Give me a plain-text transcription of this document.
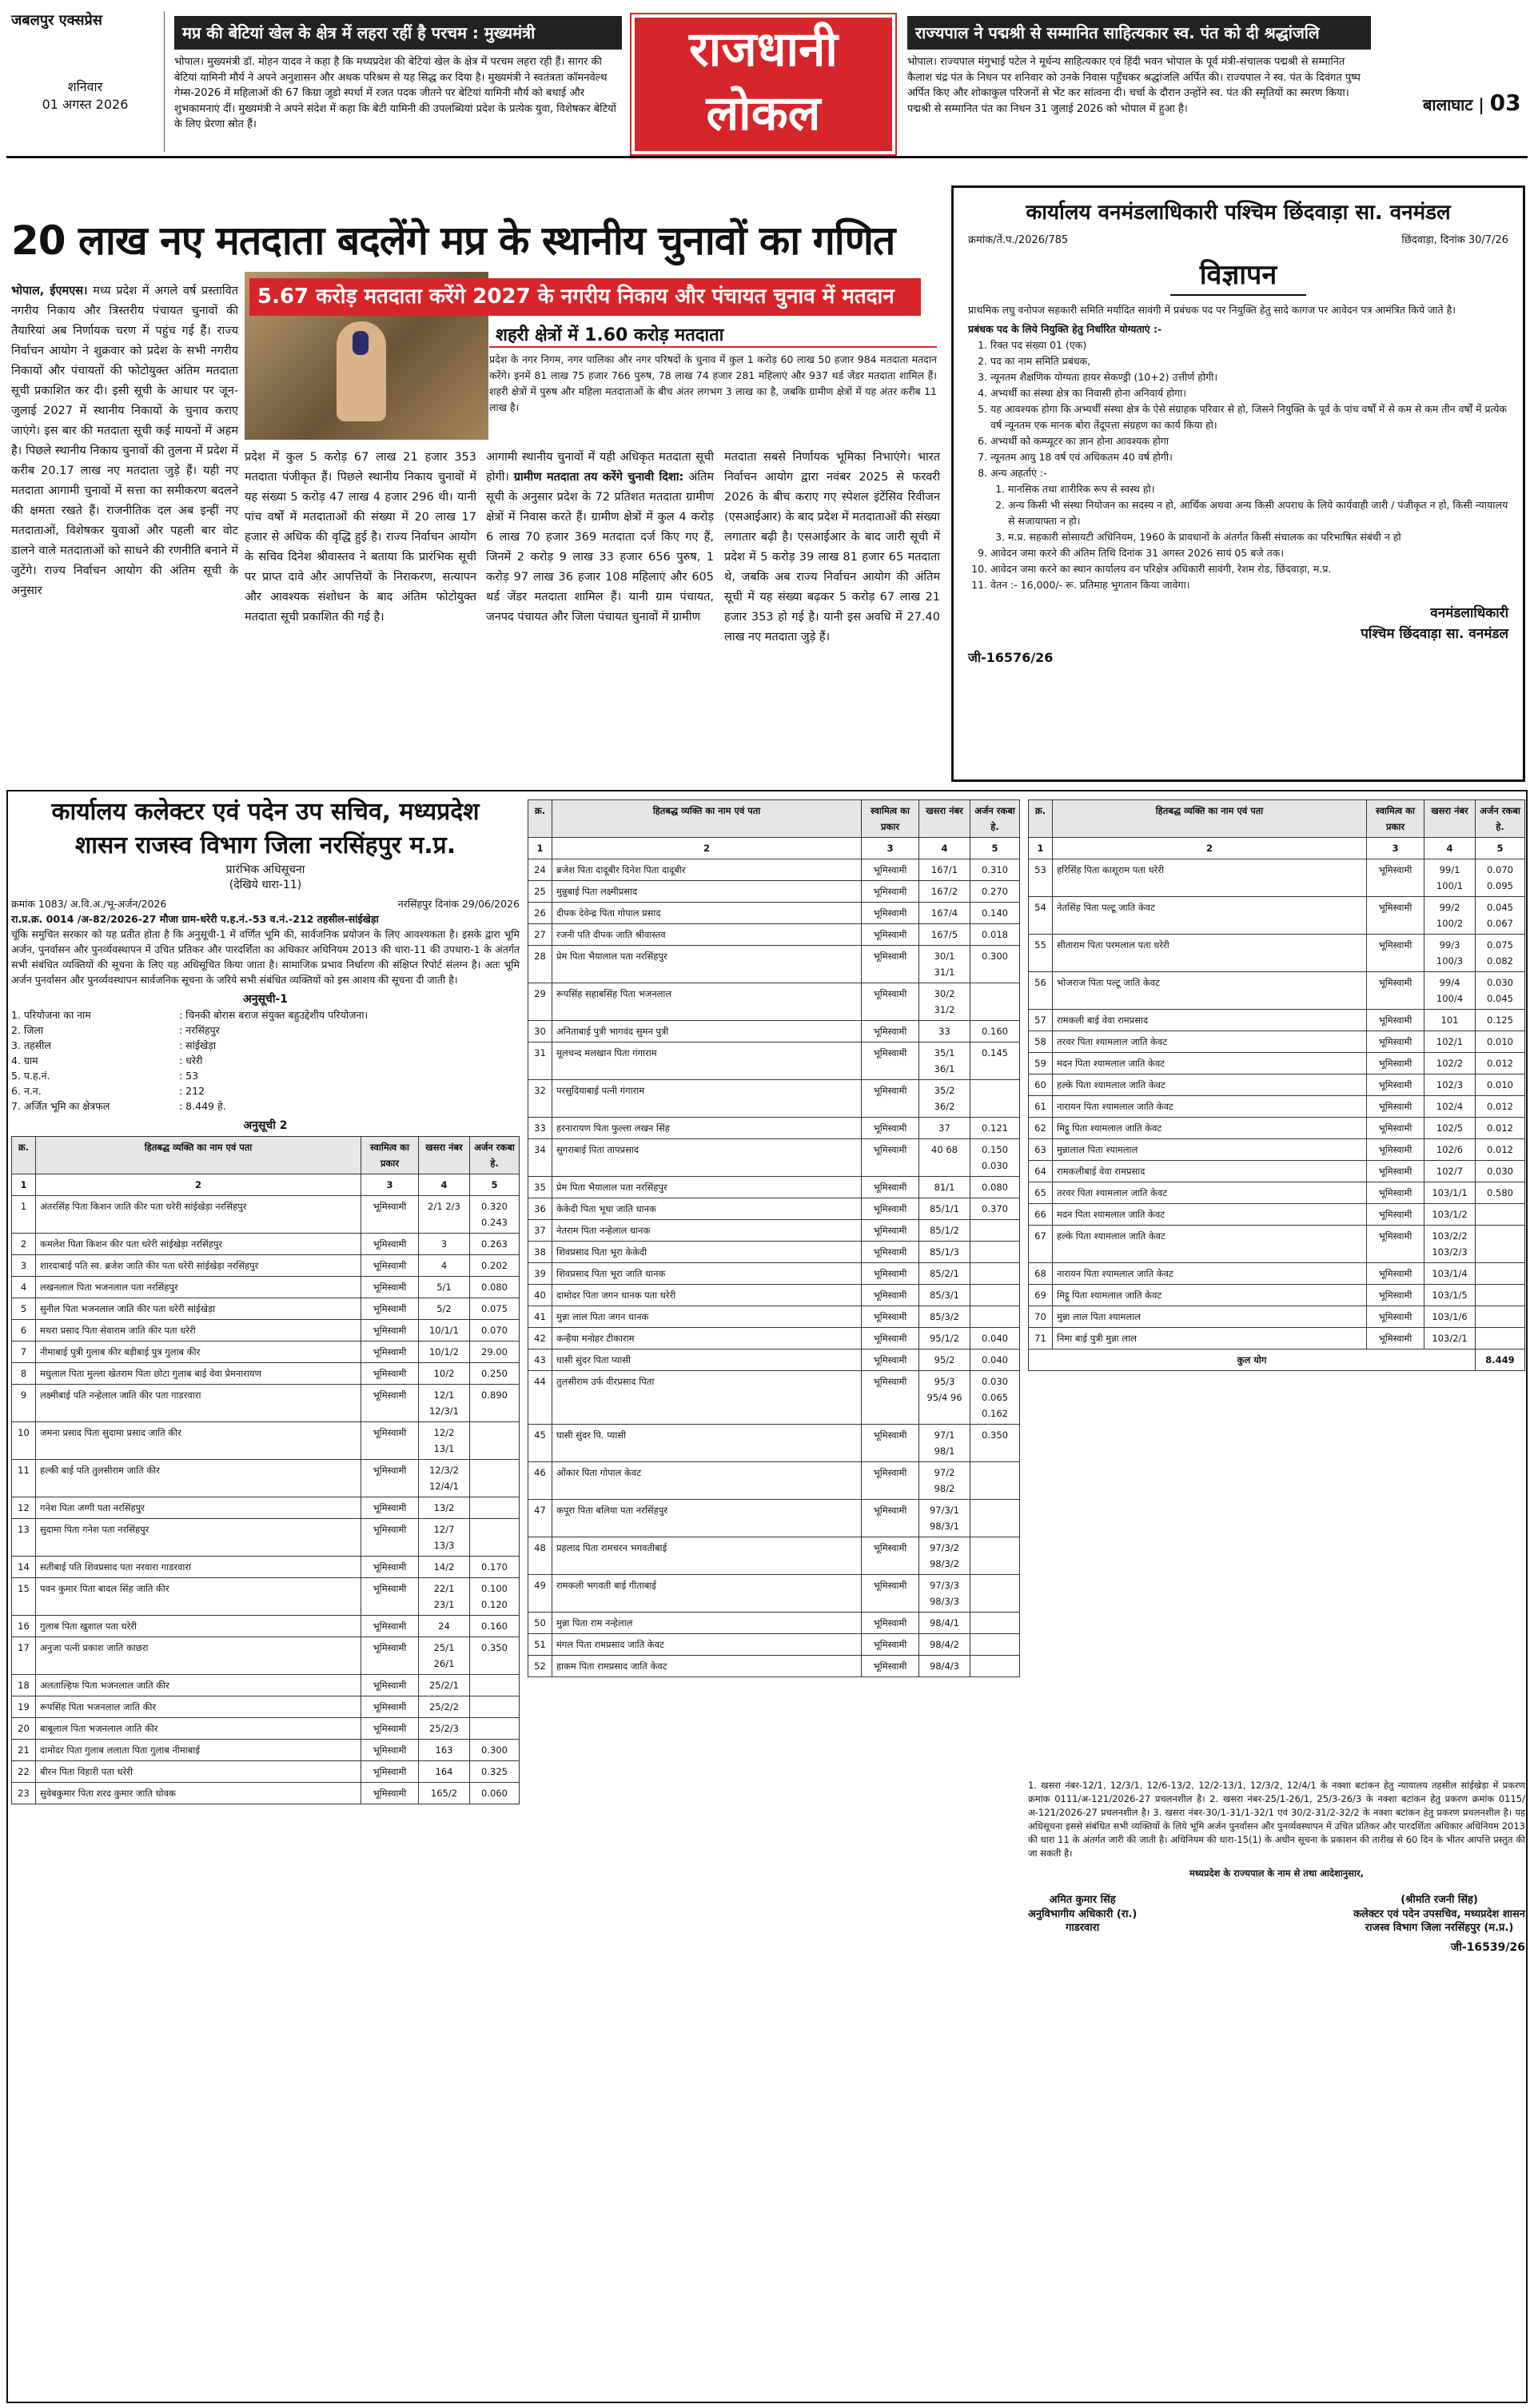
जबलपुर एक्सप्रेस
शनिवार
01 अगस्त 2026
मप्र की बेटियां खेल के क्षेत्र में लहरा रहीं है परचम : मुख्यमंत्री
भोपाल। मुख्यमंत्री डॉ. मोहन यादव ने कहा है कि मध्यप्रदेश की बेटियां खेल के क्षेत्र में परचम लहरा रही हैं। सागर की बेटियां यामिनी मौर्य ने अपने अनुशासन और अथक परिश्रम से यह सिद्ध कर दिया है। मुख्यमंत्री ने स्‍वतंत्रता कॉमनवेल्थ गेम्स-2026 में महिलाओं की 67 किग्रा जूडो स्पर्धा में रजत पदक जीतने पर बेटियां यामिनी मौर्य को बधाई और शुभकामनाएं दीं। मुख्यमंत्री ने अपने संदेश में कहा कि बेटी यामिनी की उपलब्धियां प्रदेश के प्रत्येक युवा, विशेषकर बेटियों के लिए प्रेरणा स्रोत हैं।
राजधानी
लोकल
राज्यपाल ने पद्मश्री से सम्मानित साहित्यकार स्व. पंत को दी श्रद्धांजलि
भोपाल। राज्यपाल मंगुभाई पटेल ने मूर्धन्य साहित्यकार एवं हिंदी भवन भोपाल के पूर्व मंत्री-संचालक पद्मश्री से सम्मानित कैलाश चंद्र पंत के निधन पर शनिवार को उनके निवास पहुँचकर श्रद्धांजलि अर्पित की। राज्यपाल ने स्व. पंत के दिवंगत पुष्प अर्पित किए और शोकाकुल परिजनों से भेंट कर सांत्वना दी। चर्चा के दौरान उन्होंने स्व. पंत की स्मृतियों का स्मरण किया। पद्मश्री से सम्मानित पंत का निधन 31 जुलाई 2026 को भोपाल में हुआ है।	बालाघाट | 03
20 लाख नए मतदाता बदलेंगे मप्र के स्थानीय चुनावों का गणित
5.67 करोड़ मतदाता करेंगे 2027 के नगरीय निकाय और पंचायत चुनाव में मतदान
शहरी क्षेत्रों में 1.60 करोड़ मतदाता
प्रदेश के नगर निगम, नगर पालिका और नगर परिषदों के चुनाव में कुल 1 करोड़ 60 लाख 50 हजार 984 मतदाता मतदान करेंगे। इनमें 81 लाख 75 हजार 766 पुरुष, 78 लाख 74 हजार 281 महिलाएं और 937 थर्ड जेंडर मतदाता शामिल हैं। शहरी क्षेत्रों में पुरुष और महिला मतदाताओं के बीच अंतर लगभग 3 लाख का है, जबकि ग्रामीण क्षेत्रों में यह अंतर करीब 11 लाख है।
भोपाल, ईएमएस। मध्य प्रदेश में अगले वर्ष प्रस्तावित नगरीय निकाय और त्रिस्तरीय पंचायत चुनावों की तैयारियां अब निर्णायक चरण में पहुंच गई हैं। राज्य निर्वाचन आयोग ने शुक्रवार को प्रदेश के सभी नगरीय निकायों और पंचायतों की फोटोयुक्त अंतिम मतदाता सूची प्रकाशित कर दी। इसी सूची के आधार पर जून-जुलाई 2027 में स्थानीय निकायों के चुनाव कराए जाएंगे। इस बार की मतदाता सूची कई मायनों में अहम है। पिछले स्थानीय निकाय चुनावों की तुलना में प्रदेश में करीब 20.17 लाख नए मतदाता जुड़े हैं। यही नए मतदाता आगामी चुनावों में सत्ता का समीकरण बदलने की क्षमता रखते हैं। राजनीतिक दल अब इन्हीं नए मतदाताओं, विशेषकर युवाओं और पहली बार वोट डालने वाले मतदाताओं को साधने की रणनीति बनाने में जुटेंगे। राज्य निर्वाचन आयोग की अंतिम सूची के अनुसार
प्रदेश में कुल 5 करोड़ 67 लाख 21 हजार 353 मतदाता पंजीकृत हैं। पिछले स्थानीय निकाय चुनावों में यह संख्या 5 करोड़ 47 लाख 4 हजार 296 थी। यानी पांच वर्षों में मतदाताओं की संख्या में 20 लाख 17 हजार से अधिक की वृद्धि हुई है। राज्य निर्वाचन आयोग के सचिव दिनेश श्रीवास्तव ने बताया कि प्रारंभिक सूची पर प्राप्त दावे और आपत्तियों के निराकरण, सत्यापन और आवश्यक संशोधन के बाद अंतिम फोटोयुक्त मतदाता सूची प्रकाशित की गई है।
आगामी स्थानीय चुनावों में यही अधिकृत मतदाता सूची होगी। ग्रामीण मतदाता तय करेंगे चुनावी दिशा: अंतिम सूची के अनुसार प्रदेश के 72 प्रतिशत मतदाता ग्रामीण क्षेत्रों में निवास करते हैं। ग्रामीण क्षेत्रों में कुल 4 करोड़ 6 लाख 70 हजार 369 मतदाता दर्ज किए गए हैं, जिनमें 2 करोड़ 9 लाख 33 हजार 656 पुरुष, 1 करोड़ 97 लाख 36 हजार 108 महिलाएं और 605 थर्ड जेंडर मतदाता शामिल हैं। यानी ग्राम पंचायत, जनपद पंचायत और जिला पंचायत चुनावों में ग्रामीण
मतदाता सबसे निर्णायक भूमिका निभाएंगे। भारत निर्वाचन आयोग द्वारा नवंबर 2025 से फरवरी 2026 के बीच कराए गए स्पेशल इंटेंसिव रिवीजन (एसआईआर) के बाद प्रदेश में मतदाताओं की संख्या लगातार बढ़ी है। एसआईआर के बाद जारी सूची में प्रदेश में 5 करोड़ 39 लाख 81 हजार 65 मतदाता थे, जबकि अब राज्य निर्वाचन आयोग की अंतिम सूची में यह संख्या बढ़कर 5 करोड़ 67 लाख 21 हजार 353 हो गई है। यानी इस अवधि में 27.40 लाख नए मतदाता जुड़े हैं।
कार्यालय वनमंडलाधिकारी पश्चिम छिंदवाड़ा सा. वनमंडल
क्रमांक/तें.प./2026/785	छिंदवाड़ा, दिनांक 30/7/26
विज्ञापन

प्राथमिक लघु वनोपज सहकारी समिति मर्यादित सावंगी में प्रबंधक पद पर नियुक्ति हेतु सादे कागज पर आवेदन पत्र आमंत्रित किये जाते है।

प्रबंधक पद के लिये नियुक्ति हेतु निर्धारित योग्यताएं :-

1. रिक्त पद संख्या 01 (एक)
2. पद का नाम समिति प्रबंधक,
3. न्यूनतम शैक्षणिक योग्यता हायर सेकण्ड्री (10+2) उत्तीर्ण होगी।
4. अभ्यर्थी का संस्था क्षेत्र का निवासी होना अनिवार्य होगा।
5. यह आवश्यक होगा कि अभ्यर्थी संस्था क्षेत्र के ऐसे संग्राहक परिवार से हो, जिसने नियुक्ति के पूर्व के पांच वर्षों में से कम से कम तीन वर्षों में प्रत्येक वर्ष न्यूनतम एक मानक बोरा तेंदूपत्ता संग्रहण का कार्य किया हो।
6. अभ्यर्थी को कम्प्यूटर का ज्ञान होना आवश्यक होगा
7. न्यूनतम आयु 18 वर्ष एवं अधिकतम 40 वर्ष होगी।
8. अन्य अहर्ताएं :-
1. मानसिक तथा शारीरिक रूप से स्वस्थ हो।
2. अन्य किसी भी संस्था नियोजन का सदस्य न हो, आर्थिक अथवा अन्य किसी अपराध के लिये कार्यवाही जारी / पंजीकृत न हो, किसी न्यायालय से सजायाफ्ता न हो।
3. म.प्र. सहकारी सोसायटी अधिनियम, 1960 के प्रावधानों के अंतर्गत किसी संचालक का परिभाषित संबंधी न हो
9. आवेदन जमा करने की अंतिम तिथि दिनांक 31 अगस्त 2026 सायं 05 बजे तक।
10. आवेदन जमा करने का स्थान कार्यालय वन परिक्षेत्र अधिकारी सावंगी, रेशम रोड, छिंदवाड़ा, म.प्र.
11. वेतन :- 16,000/- रू. प्रतिमाह भुगतान किया जावेगा।
वनमंडलाधिकारी
पश्चिम छिंदवाड़ा सा. वनमंडल
जी-16576/26
कार्यालय कलेक्टर एवं पदेन उप सचिव, मध्यप्रदेश
शासन राजस्व विभाग जिला नरसिंहपुर म.प्र.
प्रारंभिक अधिसूचना
(देखिये धारा-11)
क्रमांक 1083/ अ.वि.अ./भू-अर्जन/2026	नरसिंहपुर दिनांक 29/06/2026

रा.प्र.क्र. 0014 /अ-82/2026-27 मौजा ग्राम-धरेरी प.ह.नं.-53 व.नं.-212 तहसील-सांईखेड़ा

चूंकि समुचित सरकार को यह प्रतीत होता है कि अनुसूची-1 में वर्णित भूमि की, सार्वजनिक प्रयोजन के लिए आवश्यकता है। इसके द्वारा भूमि अर्जन, पुनर्वासन और पुनर्व्यवस्थापन में उचित प्रतिकर और पारदर्शिता का अधिकार अधिनियम 2013 की धारा-11 की उपधारा-1 के अंतर्गत सभी संबंधित व्यक्तियों की सूचना के लिए यह अधिसूचित किया जाता है। सामाजिक प्रभाव निर्धारण की संक्षिप्त रिपोर्ट संलग्न है। अतः भूमि अर्जन पुनर्वासन और पुनर्व्यवस्थापन सार्वजनिक सूचना के जरिये सभी संबंधित व्यक्तियों को इस आशय की सूचना दी जाती है।

अनुसूची-1
1. परियोजना का नाम	: चिनकी बोरास बराज संयुक्त बहुउद्देशीय परियोजना।
2. जिला	: नरसिंहपुर
3. तहसील	: सांईखेड़ा
4. ग्राम	: धरेरी
5. प.ह.नं.	: 53
6. न.न.	: 212
7. अर्जित भूमि का क्षेत्रफल	: 8.449 हे.
अनुसूची 2
क्र.	हितबद्ध व्यक्ति का नाम एवं पता	स्वामित्व का प्रकार	खसरा नंबर	अर्जन रकबा हे.
1	2	3	4	5
1	अंतरसिंह पिता किशन जाति कीर पता धरेरी सांईखेड़ा नरसिंहपुर	भूमिस्वामी	2/1 2/3	0.320 0.243
2	कमलेश पिता किशन कीर पता धरेरी सांईखेड़ा नरसिंहपुर	भूमिस्वामी	3	0.263
3	शारदाबाई पति स्व. ब्रजेश जाति कीर पता धरेरी सांईखेड़ा नरसिंहपुर	भूमिस्वामी	4	0.202
4	लखनलाल पिता भजनलाल पता नरसिंहपुर	भूमिस्वामी	5/1	0.080
5	सुनील पिता भजनलाल जाति कीर पता धरेरी सांईखेड़ा	भूमिस्वामी	5/2	0.075
6	मथरा प्रसाद पिता सेवाराम जाति कीर पता धरेरी	भूमिस्वामी	10/1/1	0.070
7	नीमाबाई पुत्री गुलाब कीर बड़ीबाई पुत्र गुलाब कीर	भूमिस्वामी	10/1/2	29.00
8	मधुलाल पिता मुल्ला खेतराम पिता छोटा गुलाब बाई वेवा प्रेमनारायण	भूमिस्वामी	10/2	0.250
9	लक्ष्मीबाई पति नन्हेलाल जाति कीर पता गाडरवारा	भूमिस्वामी	12/1 12/3/1	0.890
10	जमना प्रसाद पिता सुदामा प्रसाद जाति कीर	भूमिस्वामी	12/2 13/1	
11	हल्की बाई पति तुलसीराम जाति कीर	भूमिस्वामी	12/3/2 12/4/1	
12	गनेश पिता जग्गी पता नरसिंहपुर	भूमिस्वामी	13/2	
13	सुदामा पिता गनेश पता नरसिंहपुर	भूमिस्वामी	12/7 13/3	
14	सतीबाई पति शिवप्रसाद पता नरवारा गाडरवारा	भूमिस्वामी	14/2	0.170
15	पवन कुमार पिता बादल सिंह जाति कीर	भूमिस्वामी	22/1 23/1	0.100 0.120
16	गुलाब पिता खुशाल पता धरेरी	भूमिस्वामी	24	0.160
17	अनुजा पत्नी प्रकाश जाति काछरा	भूमिस्वामी	25/1 26/1	0.350
18	अलताल्हिफ पिता भजनलाल जाति कीर	भूमिस्वामी	25/2/1	
19	रूपसिंह पिता भजनलाल जाति कीर	भूमिस्वामी	25/2/2	
20	बाबूलाल पिता भजनलाल जाति कीर	भूमिस्वामी	25/2/3	
21	दामोदर पिता गुलाब ललाता पिता गुलाब नीमाबाई	भूमिस्वामी	163	0.300
22	बीरन पिता विहारी पता धरेरी	भूमिस्वामी	164	0.325
23	सुवेबकुमार पिता शरद कुमार जाति धोवक	भूमिस्वामी	165/2	0.060
क्र.	हितबद्ध व्यक्ति का नाम एवं पता	स्वामित्व का प्रकार	खसरा नंबर	अर्जन रकबा हे.
1	2	3	4	5
24	ब्रजेश पिता दादूबीर दिनेश पिता दादूबीर	भूमिस्वामी	167/1	0.310
25	मुन्नुबाई पिता लक्ष्मीप्रसाद	भूमिस्वामी	167/2	0.270
26	दीपक देवेन्द्र पिता गोपाल प्रसाद	भूमिस्वामी	167/4	0.140
27	रजनी पति दीपक जाति श्रीवास्तव	भूमिस्वामी	167/5	0.018
28	प्रेम पिता भैयालाल पता नरसिंहपुर	भूमिस्वामी	30/1 31/1	0.300
29	रूपसिंह सहाबसिंह पिता भजनलाल	भूमिस्वामी	30/2 31/2	
30	अनिताबाई पुत्री भागवंद सुमन पुत्री	भूमिस्वामी	33	0.160
31	मूलचन्द मलखान पिता गंगाराम	भूमिस्वामी	35/1 36/1	0.145
32	परसुदियाबाई पत्नी गंगाराम	भूमिस्वामी	35/2 36/2	
33	हरनारायण पिता फुल्ला लखन सिंह	भूमिस्वामी	37	0.121
34	सुगराबाई पिता तापप्रसाद	भूमिस्वामी	40 68	0.150 0.030
35	प्रेम पिता भैयालाल पता नरसिंहपुर	भूमिस्वामी	81/1	0.080
36	केकेदी पिता भूधा जाति धानक	भूमिस्वामी	85/1/1	0.370
37	नेतराम पिता नन्हेलाल धानक	भूमिस्वामी	85/1/2	
38	शिवप्रसाद पिता भूरा केकेदी	भूमिस्वामी	85/1/3	
39	शिवप्रसाद पिता भूरा जाति धानक	भूमिस्वामी	85/2/1	
40	दामोदर पिता जगन धानक पता धरेरी	भूमिस्वामी	85/3/1	
41	मुन्ना लाल पिता जगन धानक	भूमिस्वामी	85/3/2	
42	कन्हैया मनोहर टीकाराम	भूमिस्वामी	95/1/2	0.040
43	घासी सुंदर पिता प्यासी	भूमिस्वामी	95/2	0.040
44	तुलसीराम उर्फ वीरप्रसाद पिता	भूमिस्वामी	95/3 95/4 96	0.030 0.065 0.162
45	घासी सुंदर पि. प्यासी	भूमिस्वामी	97/1 98/1	0.350
46	ओंकार पिता गोपाल केवट	भूमिस्वामी	97/2 98/2	
47	कपूरा पिता बलिया पता नरसिंहपुर	भूमिस्वामी	97/3/1 98/3/1	
48	प्रहलाद पिता रामचरन भगवतीबाई	भूमिस्वामी	97/3/2 98/3/2	
49	रामकली भगवती बाई गीताबाई	भूमिस्वामी	97/3/3 98/3/3	
50	मुन्ना पिता राम नन्हेलाल	भूमिस्वामी	98/4/1	
51	मंगल पिता रामप्रसाद जाति केवट	भूमिस्वामी	98/4/2	
52	हाकम पिता रामप्रसाद जाति केवट	भूमिस्वामी	98/4/3	
क्र.	हितबद्ध व्यक्ति का नाम एवं पता	स्वामित्व का प्रकार	खसरा नंबर	अर्जन रकबा हे.
1	2	3	4	5
53	हरिसिंह पिता काशूराम पता धरेरी	भूमिस्वामी	99/1 100/1	0.070 0.095
54	नेतसिंह पिता पल्टू जाति केवट	भूमिस्वामी	99/2 100/2	0.045 0.067
55	सीताराम पिता परमलाल पता धरेरी	भूमिस्वामी	99/3 100/3	0.075 0.082
56	भोजराज पिता पल्टू जाति केवट	भूमिस्वामी	99/4 100/4	0.030 0.045
57	रामकली बाई वेवा रामप्रसाद	भूमिस्वामी	101	0.125
58	तरवर पिता श्यामलाल जाति केवट	भूमिस्वामी	102/1	0.010
59	मदन पिता श्यामलाल जाति केवट	भूमिस्वामी	102/2	0.012
60	हल्के पिता श्यामलाल जाति केवट	भूमिस्वामी	102/3	0.010
61	नारायन पिता श्यामलाल जाति केवट	भूमिस्वामी	102/4	0.012
62	मिट्ठू पिता श्यामलाल जाति केवट	भूमिस्वामी	102/5	0.012
63	मुन्नालाल पिता श्यामलाल	भूमिस्वामी	102/6	0.012
64	रामकलीबाई वेवा रामप्रसाद	भूमिस्वामी	102/7	0.030
65	तरवर पिता श्यामलाल जाति केवट	भूमिस्वामी	103/1/1	0.580
66	मदन पिता श्यामलाल जाति केवट	भूमिस्वामी	103/1/2	
67	हल्के पिता श्यामलाल जाति केवट	भूमिस्वामी	103/2/2 103/2/3	
68	नारायन पिता श्यामलाल जाति केवट	भूमिस्वामी	103/1/4	
69	मिट्ठू पिता श्यामलाल जाति केवट	भूमिस्वामी	103/1/5	
70	मुन्ना लाल पिता श्यामलाल	भूमिस्वामी	103/1/6	
71	निमा बाई पुत्री मुन्ना लाल	भूमिस्वामी	103/2/1	
कुल योग				8.449

1. खसरा नंबर-12/1, 12/3/1, 12/6-13/2, 12/2-13/1, 12/3/2, 12/4/1 के नक्शा बटांकन हेतु न्यायालय तहसील सांईखेड़ा में प्रकरण क्रमांक 0111/अ-121/2026-27 प्रचलनशील है। 2. खसरा नंबर-25/1-26/1, 25/3-26/3 के नक्शा बटांकन हेतु प्रकरण क्रमांक 0115/अ-121/2026-27 प्रचलनशील है। 3. खसरा नंबर-30/1-31/1-32/1 एवं 30/2-31/2-32/2 के नक्शा बटांकन हेतु प्रकरण प्रचलनशील है। यह अधिसूचना इससे संबंधित सभी व्यक्तियों के लिये भूमि अर्जन पुनर्वासन और पुनर्व्यवस्थापन में उचित प्रतिकर और पारदर्शिता अधिकार अधिनियम 2013 की धारा 11 के अंतर्गत जारी की जाती है। अधिनियम की धारा-15(1) के अधीन सूचना के प्रकाशन की तारीख से 60 दिन के भीतर आपत्ति प्रस्तुत की जा सकती है।

मध्यप्रदेश के राज्यपाल के नाम से तथा आदेशानुसार,

अमित कुमार सिंह
अनुविभागीय अधिकारी (रा.)
गाडरवारा
(श्रीमति रजनी सिंह)
कलेक्टर एवं पदेन उपसचिव, मध्यप्रदेश शासन
राजस्व विभाग जिला नरसिंहपुर (म.प्र.)
जी-16539/26
